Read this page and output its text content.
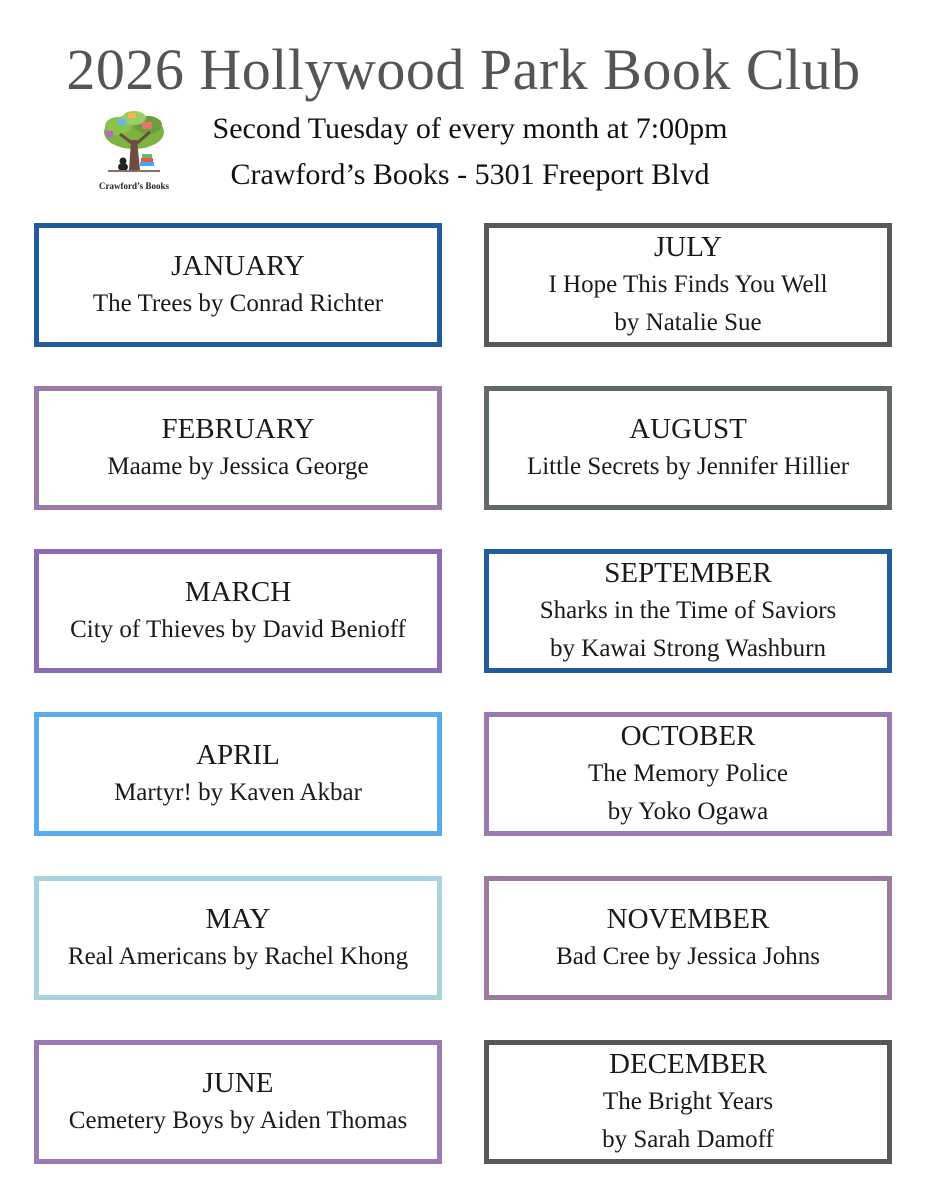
2026 Hollywood Park Book Club
Crawford’s Books
Second Tuesday of every month at 7:00pm
Crawford’s Books - 5301 Freeport Blvd
JANUARY
The Trees by Conrad Richter
FEBRUARY
Maame by Jessica George
MARCH
City of Thieves by David Benioff
APRIL
Martyr! by Kaven Akbar
MAY
Real Americans by Rachel Khong
JUNE
Cemetery Boys by Aiden Thomas
JULY
I Hope This Finds You Well
by Natalie Sue
AUGUST
Little Secrets by Jennifer Hillier
SEPTEMBER
Sharks in the Time of Saviors
by Kawai Strong Washburn
OCTOBER
The Memory Police
by Yoko Ogawa
NOVEMBER
Bad Cree by Jessica Johns
DECEMBER
The Bright Years
by Sarah Damoff
